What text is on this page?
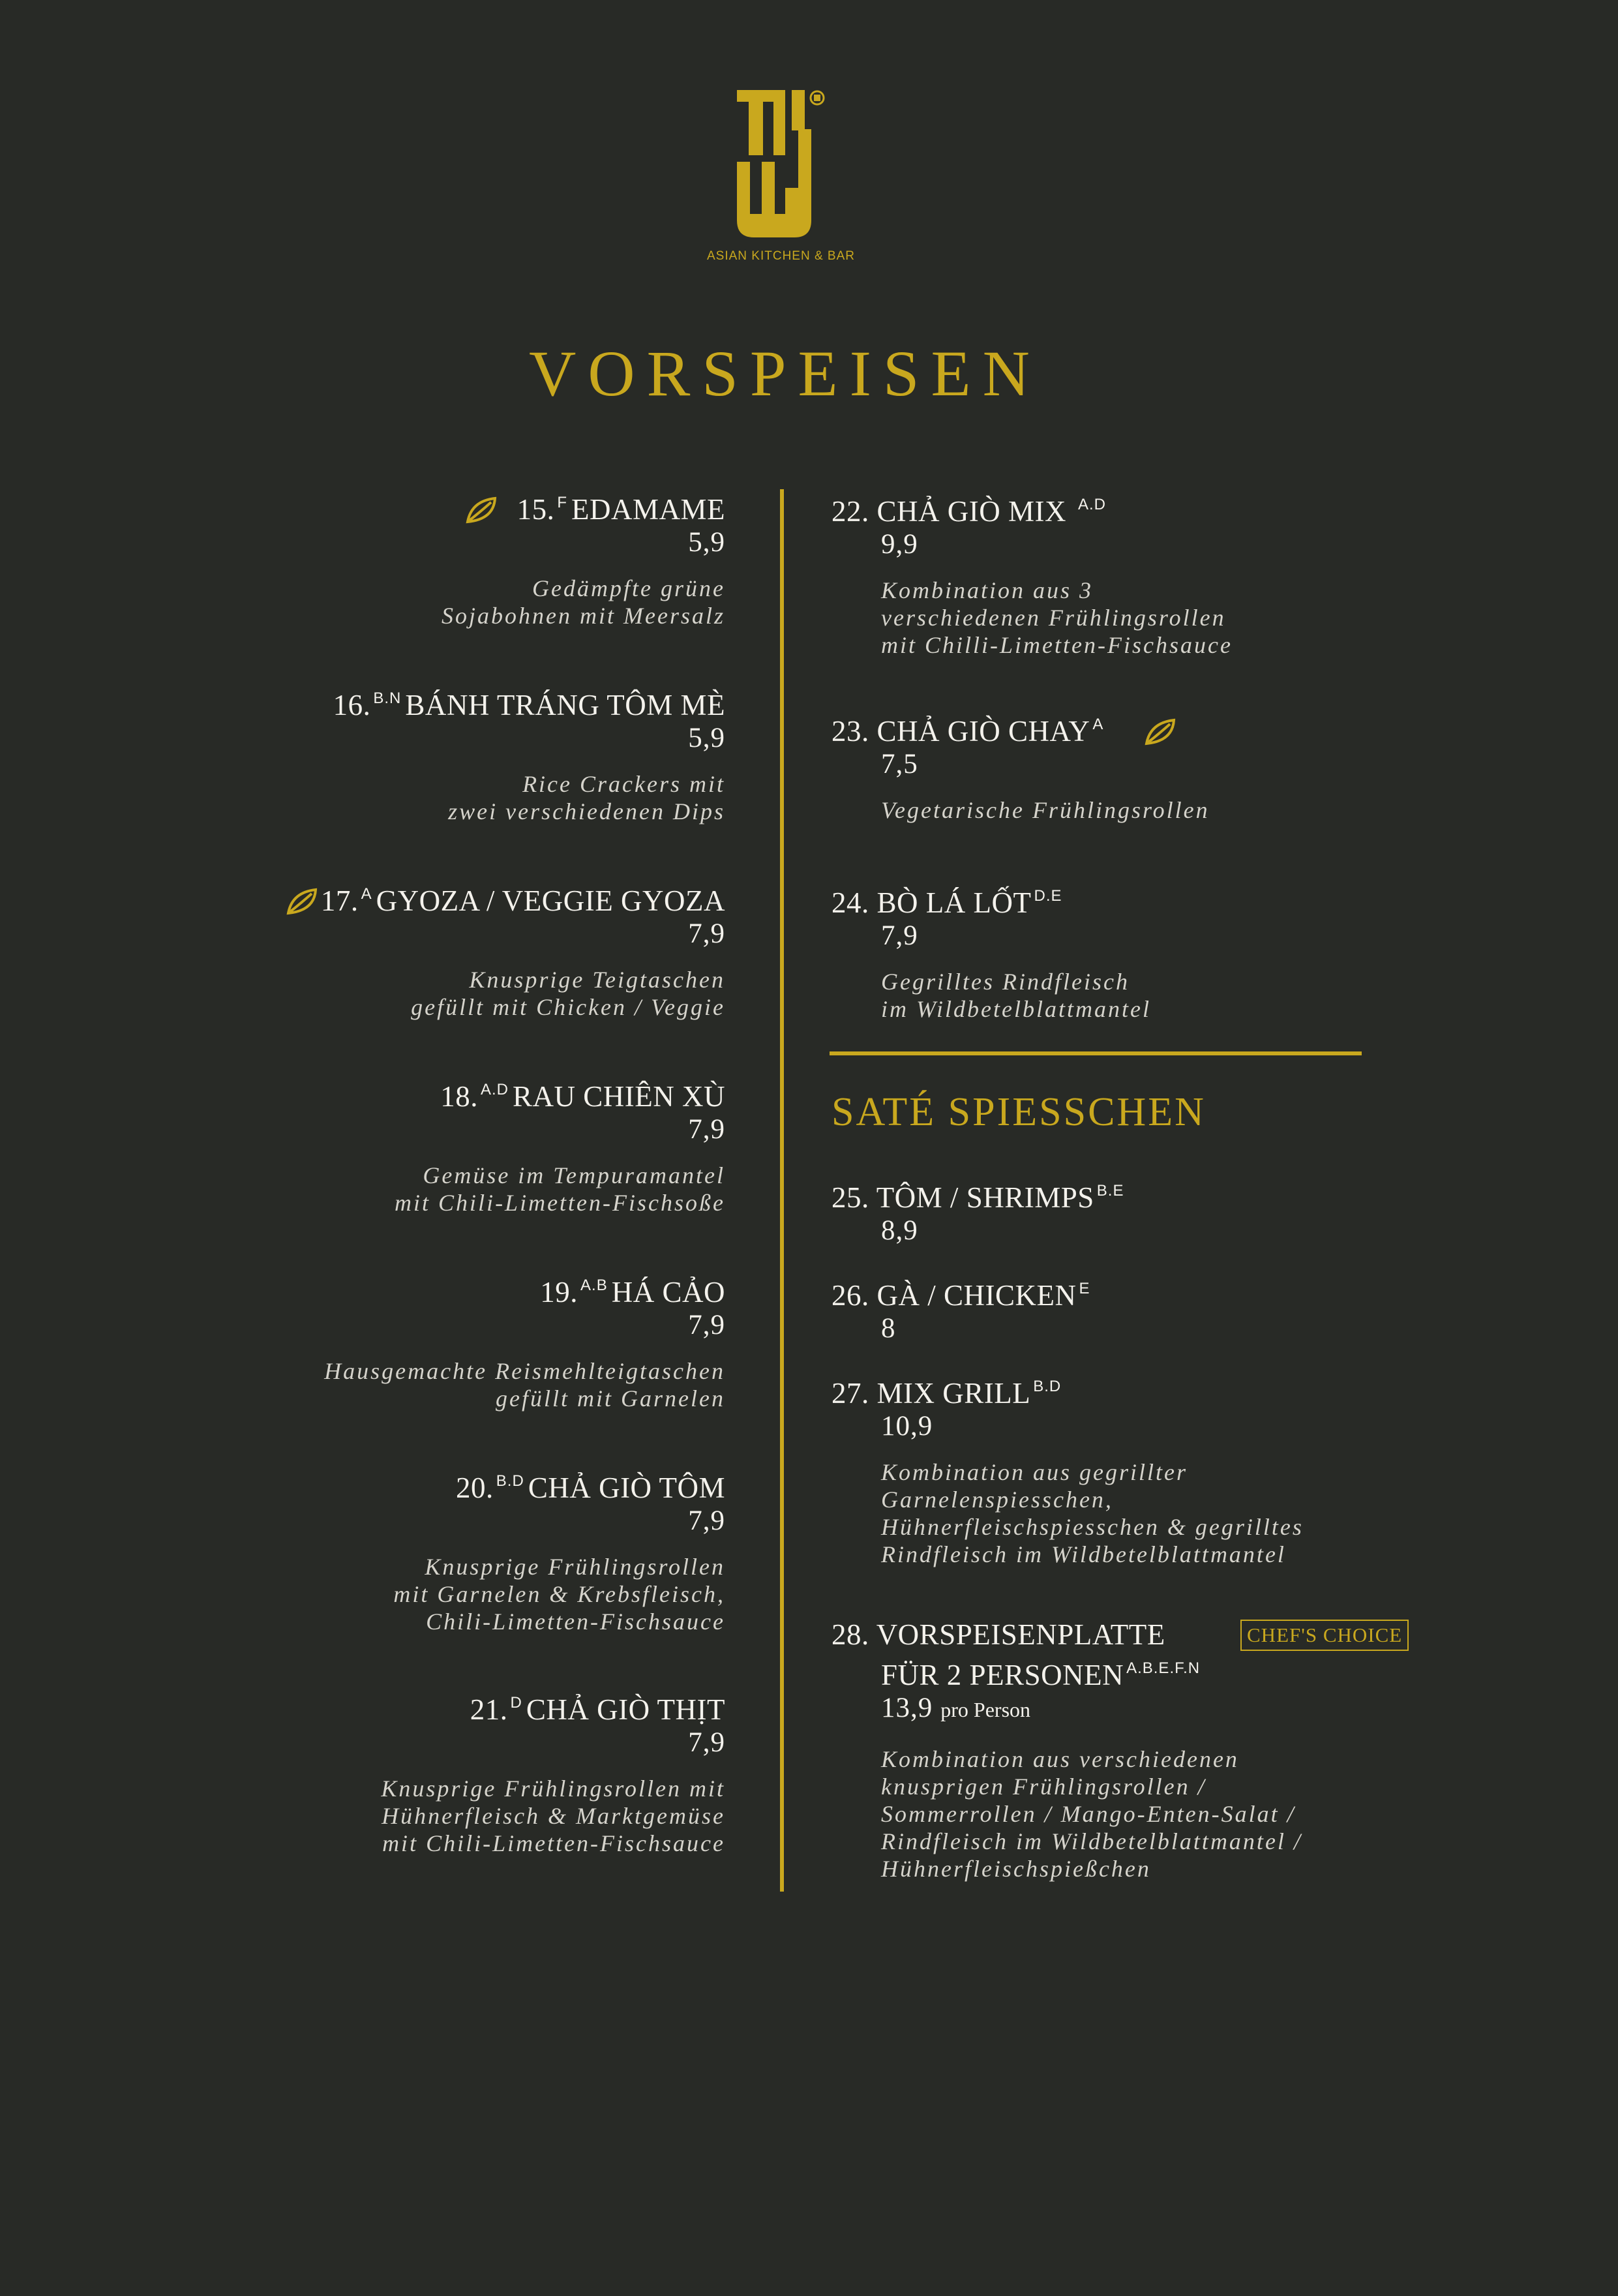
ASIAN KITCHEN & BAR
VORSPEISEN
15. $^F$ EDAMAME
5,9
Gedämpfte grüne
Sojabohnen mit Meersalz
16. $^{B.N}$ BÁNH TRÁNG TÔM MÈ
5,9
Rice Crackers mit
zwei verschiedenen Dips
17. $^A$ GYOZA / VEGGIE GYOZA
7,9
Knusprige Teigtaschen
gefüllt mit Chicken / Veggie
18. $^{A.D}$ RAU CHIÊN XÙ
7,9
Gemüse im Tempuramantel
mit Chili-Limetten-Fischsoße
19. $^{A.B}$ HÁ CẢO
7,9
Hausgemachte Reismehlteigtaschen
gefüllt mit Garnelen
20. $^{B.D}$ CHẢ GIÒ TÔM
7,9
Knusprige Frühlingsrollen
mit Garnelen & Krebsfleisch,
Chili-Limetten-Fischsauce
21. $^D$ CHẢ GIÒ THỊT
7,9
Knusprige Frühlingsrollen mit
Hühnerfleisch & Marktgemüse
mit Chili-Limetten-Fischsauce
22. CHẢ GIÒ MIX $^{A.D}$
9,9
Kombination aus 3
verschiedenen Frühlingsrollen
mit Chilli-Limetten-Fischsauce
23. CHẢ GIÒ CHAY $^A$
7,5
Vegetarische Frühlingsrollen
24. BÒ LÁ LỐT $^{D.E}$
7,9
Gegrilltes Rindfleisch
im Wildbetelblattmantel
SATÉ SPIESSCHEN
25. TÔM / SHRIMPS $^{B.E}$
8,9
26. GÀ / CHICKEN $^E$
8
27. MIX GRILL $^{B.D}$
10,9
Kombination aus gegrillter
Garnelenspiesschen,
Hühnerfleischspiesschen & gegrilltes
Rindfleisch im Wildbetelblattmantel
28. VORSPEISENPLATTE
FÜR 2 PERSONEN $^{A.B.E.F.N}$
13,9 pro Person
Kombination aus verschiedenen
knusprigen Frühlingsrollen /
Sommerrollen / Mango-Enten-Salat /
Rindfleisch im Wildbetelblattmantel /
Hühnerfleischspießchen
CHEF'S CHOICE
